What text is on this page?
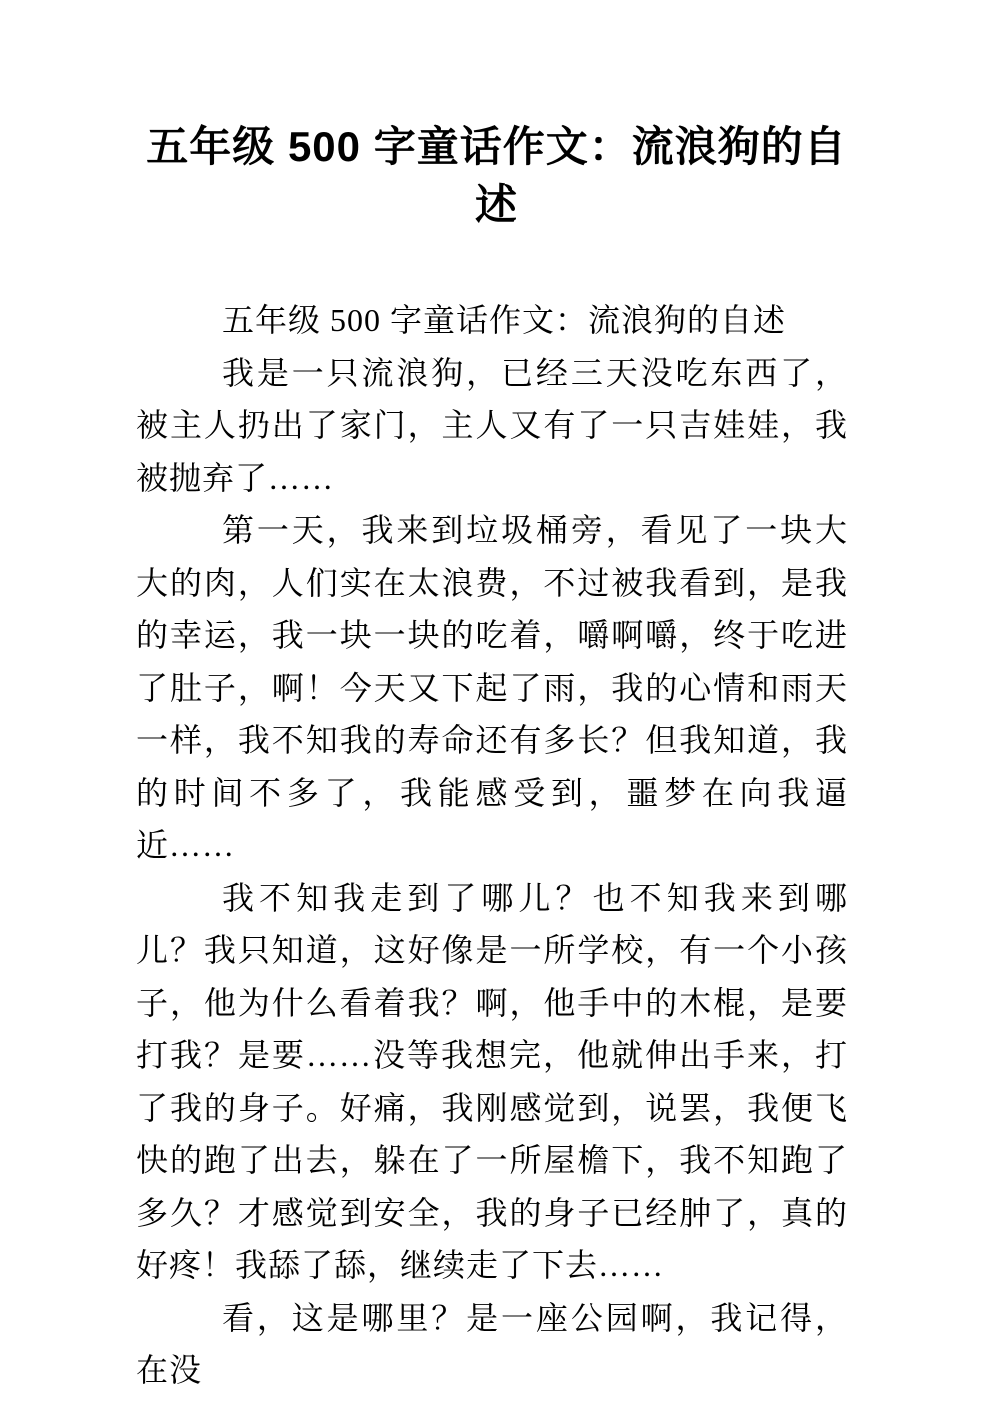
五年级 500 字童话作文：流浪狗的自
述

五年级 500 字童话作文：流浪狗的自述

我是一只流浪狗，已经三天没吃东西了，被主人扔出了家门，主人又有了一只吉娃娃，我被抛弃了……

第一天，我来到垃圾桶旁，看见了一块大大的肉，人们实在太浪费，不过被我看到，是我的幸运，我一块一块的吃着，嚼啊嚼，终于吃进了肚子，啊！今天又下起了雨，我的心情和雨天一样，我不知我的寿命还有多长？但我知道，我的时间不多了，我能感受到，噩梦在向我逼近……

我不知我走到了哪儿？也不知我来到哪儿？我只知道，这好像是一所学校，有一个小孩子，他为什么看着我？啊，他手中的木棍，是要打我？是要……没等我想完，他就伸出手来，打了我的身子。好痛，我刚感觉到，说罢，我便飞快的跑了出去，躲在了一所屋檐下，我不知跑了多久？才感觉到安全，我的身子已经肿了，真的好疼！我舔了舔，继续走了下去……

看，这是哪里？是一座公园啊，我记得，在没
